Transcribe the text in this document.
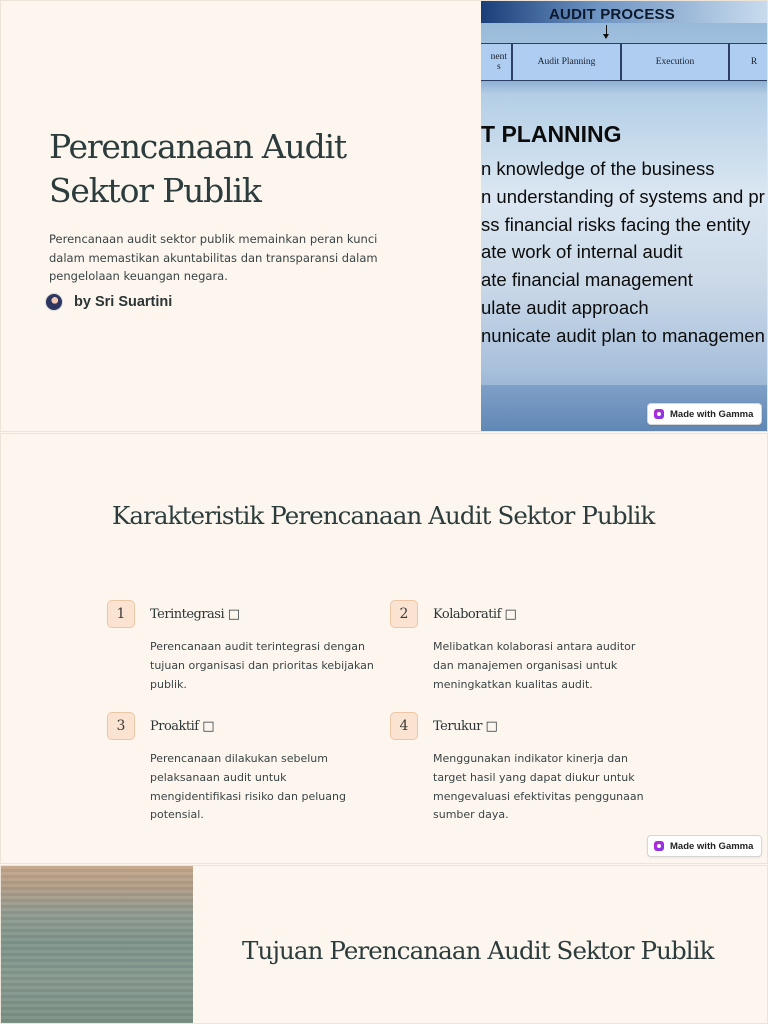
Perencanaan Audit Sektor Publik

Perencanaan audit sektor publik memainkan peran kunci dalam memastikan akuntabilitas dan transparansi dalam pengelolaan keuangan negara.

by Sri Suartini
AUDIT PROCESS
nent
s	Audit Planning	Execution	R
T PLANNING
n knowledge of the business
n understanding of systems and pr
ss financial risks facing the entity
ate work of internal audit
ate financial management
ulate audit approach
nunicate audit plan to managemen
Made with Gamma
Karakteristik Perencanaan Audit Sektor Publik
1	Terintegrasi □

Perencanaan audit terintegrasi dengan tujuan organisasi dan prioritas kebijakan publik.

2	Kolaboratif □

Melibatkan kolaborasi antara auditor dan manajemen organisasi untuk meningkatkan kualitas audit.

3	Proaktif □

Perencanaan dilakukan sebelum pelaksanaan audit untuk mengidentifikasi risiko dan peluang potensial.

4	Terukur □

Menggunakan indikator kinerja dan target hasil yang dapat diukur untuk mengevaluasi efektivitas penggunaan sumber daya.

Made with Gamma
Tujuan Perencanaan Audit Sektor Publik
